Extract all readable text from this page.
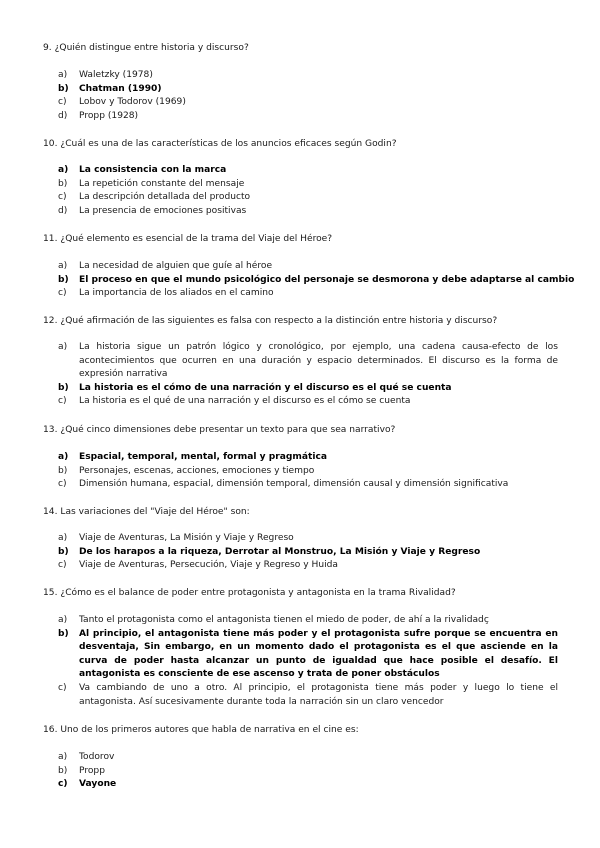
9. ¿Quién distingue entre historia y discurso?
a) Waletzky (1978)
b) Chatman (1990)
c) Lobov y Todorov (1969)
d) Propp (1928)
10. ¿Cuál es una de las características de los anuncios eficaces según Godin?
a) La consistencia con la marca
b) La repetición constante del mensaje
c) La descripción detallada del producto
d) La presencia de emociones positivas
11. ¿Qué elemento es esencial de la trama del Viaje del Héroe?
a) La necesidad de alguien que guíe al héroe
b) El proceso en que el mundo psicológico del personaje se desmorona y debe adaptarse al cambio
c) La importancia de los aliados en el camino
12. ¿Qué afirmación de las siguientes es falsa con respecto a la distinción entre historia y discurso?
a) La historia sigue un patrón lógico y cronológico, por ejemplo, una cadena causa-efecto de los acontecimientos que ocurren en una duración y espacio determinados. El discurso es la forma de expresión narrativa
b) La historia es el cómo de una narración y el discurso es el qué se cuenta
c) La historia es el qué de una narración y el discurso es el cómo se cuenta
13. ¿Qué cinco dimensiones debe presentar un texto para que sea narrativo?
a) Espacial, temporal, mental, formal y pragmática
b) Personajes, escenas, acciones, emociones y tiempo
c) Dimensión humana, espacial, dimensión temporal, dimensión causal y dimensión significativa
14. Las variaciones del "Viaje del Héroe" son:
a) Viaje de Aventuras, La Misión y Viaje y Regreso
b) De los harapos a la riqueza, Derrotar al Monstruo, La Misión y Viaje y Regreso
c) Viaje de Aventuras, Persecución, Viaje y Regreso y Huida
15. ¿Cómo es el balance de poder entre protagonista y antagonista en la trama Rivalidad?
a) Tanto el protagonista como el antagonista tienen el miedo de poder, de ahí a la rivalidadç
b) Al principio, el antagonista tiene más poder y el protagonista sufre porque se encuentra en desventaja, Sin embargo, en un momento dado el protagonista es el que asciende en la curva de poder hasta alcanzar un punto de igualdad que hace posible el desafío. El antagonista es consciente de ese ascenso y trata de poner obstáculos
c) Va cambiando de uno a otro. Al principio, el protagonista tiene más poder y luego lo tiene el antagonista. Así sucesivamente durante toda la narración sin un claro vencedor
16. Uno de los primeros autores que habla de narrativa en el cine es:
a) Todorov
b) Propp
c) Vayone
